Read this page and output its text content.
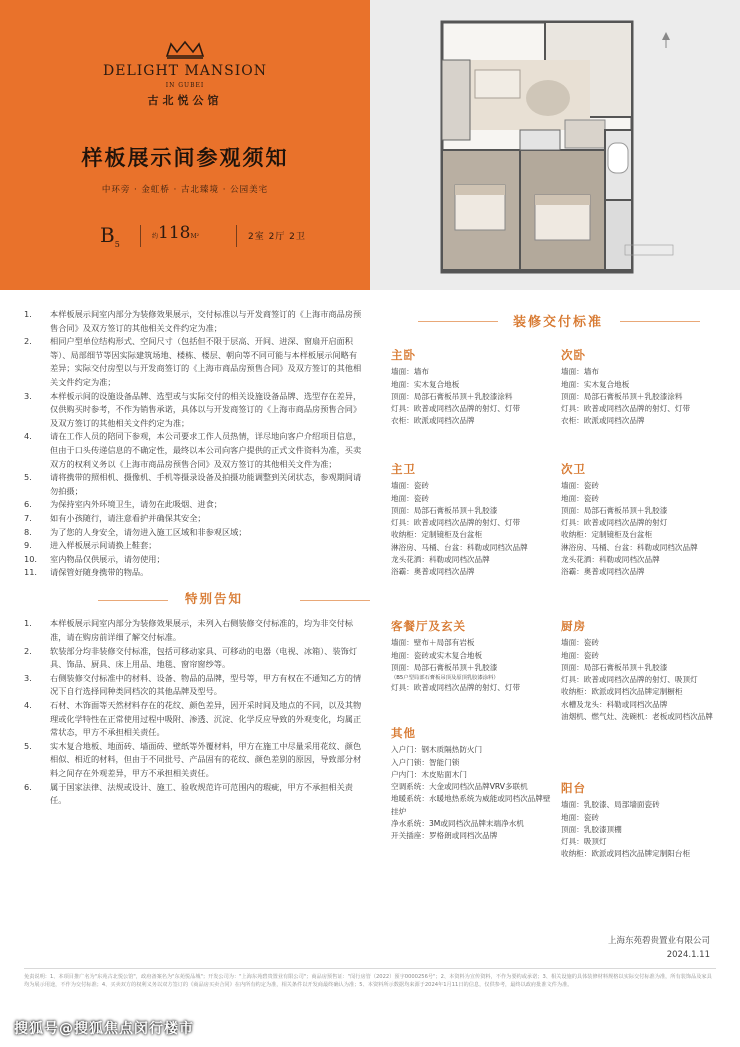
DELIGHT MANSION
IN GUBEI
古北悦公馆
样板展示间参观须知
中环旁 · 金虹桥 · 古北臻境 · 公园美宅
$B_5$
约118M²	2室 2厅 2卫
1. 本样板展示间室内部分为装修效果展示，交付标准以与开发商签订的《上海市商品房预售合同》及双方签订的其他相关文件约定为准；
2. 相同户型单位结构形式、空间尺寸（包括但不限于层高、开间、进深、窗扇开启面积等）、局部细节等因实际建筑场地、楼栋、楼层、朝向等不同可能与本样板展示间略有差异；实际交付房型以与开发商签订的《上海市商品房预售合同》及双方签订的其他相关文件约定为准；
3. 本样板示间的设施设备品牌、选型或与实际交付的相关设施设备品牌、选型存在差异，仅供购买时参考，不作为销售承诺，具体以与开发商签订的《上海市商品房预售合同》及双方签订的其他相关文件约定为准；
4. 请在工作人员的陪同下参观，本公司要求工作人员热情，详尽地向客户介绍项目信息，但由于口头传递信息的不确定性，最终以本公司向客户提供的正式文件资料为准，买卖双方的权利义务以《上海市商品房预售合同》及双方签订的其他相关文件为准；
5. 请将携带的照相机、摄像机、手机等摄录设备及拍摄功能调整到关闭状态，参观期间请勿拍摄；
6. 为保持室内外环境卫生，请勿在此吸烟、进食；
7. 如有小孩随行，请注意看护并确保其安全；
8. 为了您的人身安全，请勿进入施工区域和非参观区域；
9. 进入样板展示间请换上鞋套；
10. 室内物品仅供展示，请勿使用；
11. 请保管好随身携带的物品。
特别告知
1. 本样板展示间室内部分为装修效果展示，未列入右侧装修交付标准的，均为非交付标准，请在购房前详细了解交付标准。
2. 软装部分均非装修交付标准，包括可移动家具、可移动的电器（电视、冰箱）、装饰灯具、饰品、厨具、床上用品、地毯、窗帘窗纱等。
3. 右侧装修交付标准中的材料、设备、物品的品牌，型号等，甲方有权在不通知乙方的情况下自行选择同种类同档次的其他品牌及型号。
4. 石材、木饰面等天然材料存在的花纹、颜色差异，因开采时间及地点的不同，以及其物理或化学特性在正常使用过程中吸附、渗透、沉淀、化学反应导致的外观变化，均属正常状态，甲方不承担相关责任。
5. 实木复合地板、地面砖、墙面砖、壁纸等外覆材料，甲方在施工中尽量采用花纹、颜色相似、相近的材料，但由于不同批号、产品固有的花纹、颜色差别的原因，导致部分材料之间存在外观差异，甲方不承担相关责任。
6. 属于国家法律、法规或设计、施工、验收规范许可范围内的瑕疵，甲方不承担相关责任。
装修交付标准
主卧
墙面：墙布
地面：实木复合地板
顶面：局部石膏板吊顶＋乳胶漆涂料
灯具：欧普或同档次品牌的射灯、灯带
衣柜：欧派或同档次品牌
次卧
墙面：墙布
地面：实木复合地板
顶面：局部石膏板吊顶＋乳胶漆涂料
灯具：欧普或同档次品牌的射灯、灯带
衣柜：欧派或同档次品牌
主卫
墙面：瓷砖
地面：瓷砖
顶面：局部石膏板吊顶＋乳胶漆
灯具：欧普或同档次品牌的射灯、灯带
收纳柜：定制镜柜及台盆柜
淋浴房、马桶、台盆：科勒或同档次品牌
龙头花洒：科勒或同档次品牌
浴霸：奥普或同档次品牌
次卫
墙面：瓷砖
地面：瓷砖
顶面：局部石膏板吊顶＋乳胶漆
灯具：欧普或同档次品牌的射灯
收纳柜：定制镜柜及台盆柜
淋浴房、马桶、台盆：科勒或同档次品牌
龙头花洒：科勒或同档次品牌
浴霸：奥普或同档次品牌
客餐厅及玄关
墙面：壁布＋局部有岩板
地面：瓷砖或实木复合地板
顶面：局部石膏板吊顶＋乳胶漆
（B5户型局部石膏板吊顶及原顶乳胶漆涂料）
灯具：欧普或同档次品牌的射灯、灯带
厨房
墙面：瓷砖
地面：瓷砖
顶面：局部石膏板吊顶＋乳胶漆
灯具：欧普或同档次品牌的射灯、吸顶灯
收纳柜：欧派或同档次品牌定制橱柜
水槽及龙头：科勒或同档次品牌
油烟机、燃气灶、洗碗机：老板或同档次品牌
其他
入户门：钢木质隔热防火门
入户门锁：智能门锁
户内门：木皮贴面木门
空调系统：大金或同档次品牌VRV多联机
地暖系统：水暖地热系统为威能或同档次品牌壁挂炉
净水系统：3M或同档次品牌末端净水机
开关插座：罗格朗或同档次品牌
阳台
墙面：乳胶漆、局部墙面瓷砖
地面：瓷砖
顶面：乳胶漆顶棚
灯具：吸顶灯
收纳柜：欧派或同档次品牌定制阳台柜
上海东苑碧贵置业有限公司
2024.1.11
免责说明：1、本项目推广名为"东苑古北悦公馆"，政府备案名为"东苑悦品城"；开发公司为："上海东苑碧贵置业有限公司"；商品房预售证："闵行房管（2022）预字0000256号"；2、本资料为宣传资料，不作为要约或承诺；3、相关设施的具体装修材料规格以实际交付标准为准，所有装饰品及家具均为展示用途，不作为交付标准；4、买卖双方的权利义务以双方签订的《商品房买卖合同》在内所有约定为准，相关条件以开发商最终确认为准；5、本资料所示数据均来源于2024年1月11日的信息，仅供参考，最终以政府批准文件为准。
搜狐号@搜狐焦点闵行楼市
